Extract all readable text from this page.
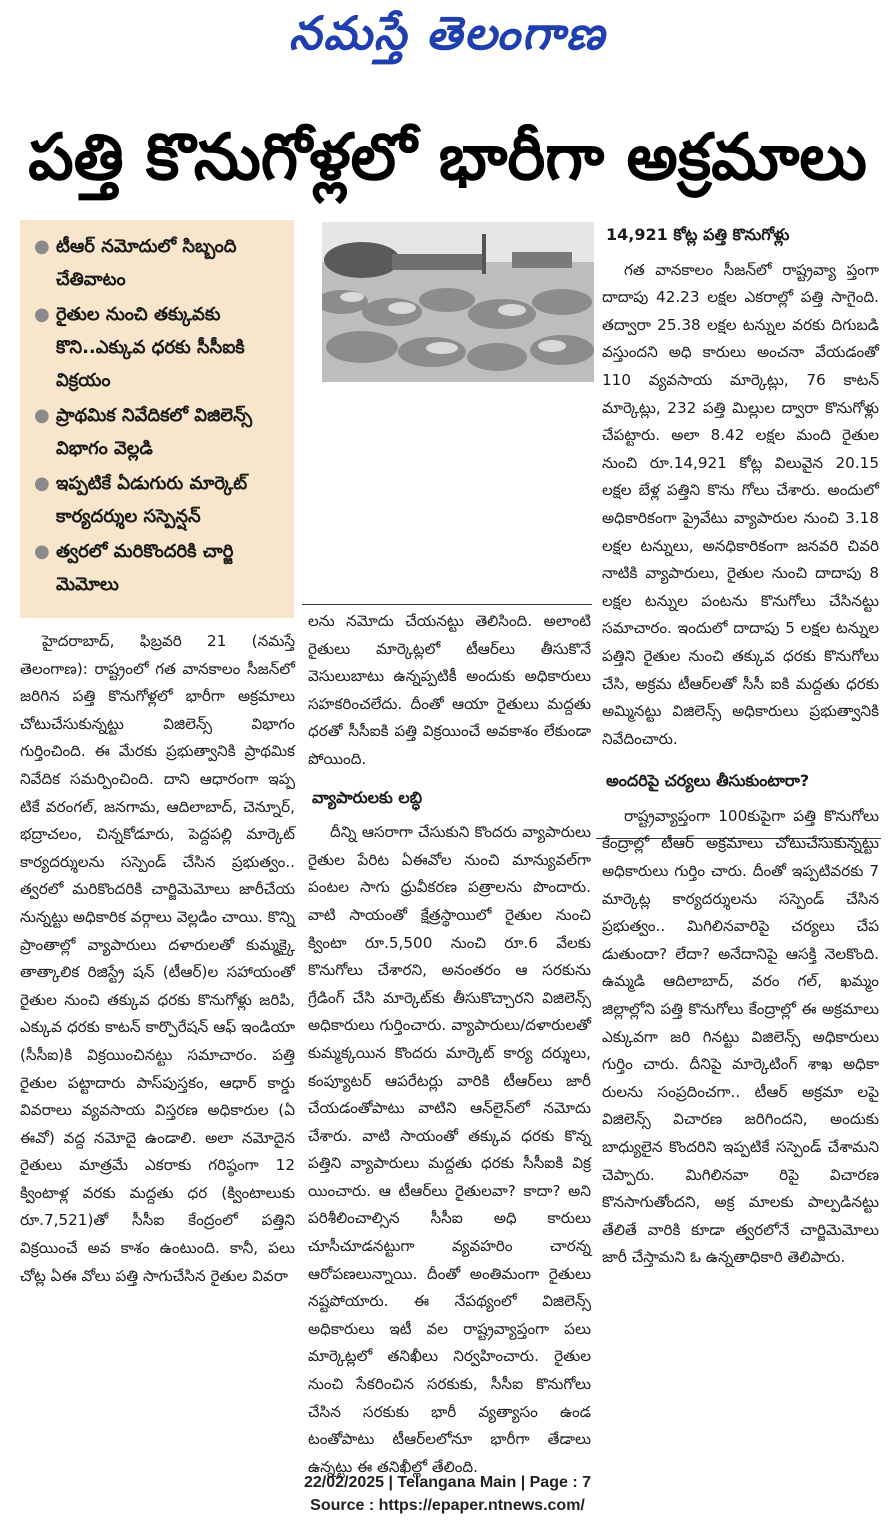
నమస్తే తెలంగాణ
పత్తి కొనుగోళ్లలో భారీగా అక్రమాలు
● టీఆర్ నమోదులో సిబ్బంది చేతివాటం
● రైతుల నుంచి తక్కువకు కొని..ఎక్కువ ధరకు సీసీఐకి విక్రయం
● ప్రాథమిక నివేదికలో విజిలెన్స్ విభాగం వెల్లడి
● ఇప్పటికే ఏడుగురు మార్కెట్ కార్యదర్శుల సస్పెన్షన్
● త్వరలో మరికొందరికి చార్జి మెమోలు

హైదరాబాద్, ఫిబ్రవరి 21 (నమస్తే తెలంగాణ): రాష్ట్రంలో గత వానకాలం సీజన్‌లో జరిగిన పత్తి కొనుగోళ్లలో భారీగా అక్రమాలు చోటుచేసుకున్నట్టు విజిలెన్స్ విభాగం గుర్తించింది. ఈ మేరకు ప్రభుత్వానికి ప్రాథమిక నివేదిక సమర్పించింది. దాని ఆధారంగా ఇప్ప టికే వరంగల్, జనగామ, ఆదిలాబాద్, చెన్నూర్, భద్రాచలం, చిన్నకోడూరు, పెద్దపల్లి మార్కెట్ కార్యదర్శులను సస్పెండ్ చేసిన ప్రభుత్వం.. త్వరలో మరికొందరికి చార్జిమెమోలు జారీచేయ నున్నట్టు అధికారిక వర్గాలు వెల్లడిం చాయి. కొన్ని ప్రాంతాల్లో వ్యాపారులు దళారులతో కుమ్మక్కై తాత్కాలిక రిజిస్ట్రే షన్ (టీఆర్)ల సహాయంతో రైతుల నుంచి తక్కువ ధరకు కొనుగోళ్లు జరిపి, ఎక్కువ ధరకు కాటన్ కార్పొరేషన్ ఆఫ్ ఇండియా (సీసీఐ)కి విక్రయించినట్టు సమాచారం. పత్తి రైతుల పట్టాదారు పాస్‌పుస్తకం, ఆధార్ కార్డు వివరాలు వ్యవసాయ విస్తరణ అధికారుల (ఏ ఈవో) వద్ద నమోదై ఉండాలి. అలా నమోదైన రైతులు మాత్రమే ఎకరాకు గరిష్ఠంగా 12 క్వింటాళ్ల వరకు మద్దతు ధర (క్వింటాలుకు రూ.7,521)తో సీసీఐ కేంద్రంలో పత్తిని విక్రయించే అవ కాశం ఉంటుంది. కానీ, పలు చోట్ల ఏఈ వోలు పత్తి సాగుచేసిన రైతుల వివరా

లను నమోదు చేయనట్టు తెలిసింది. అలాంటి రైతులు మార్కెట్లలో టీఆర్‌లు తీసుకొనే వెసులుబాటు ఉన్నప్పటికీ అందుకు అధికారులు సహకరించలేదు. దీంతో ఆయా రైతులు మద్దతు ధరతో సీసీఐకి పత్తి విక్రయించే అవకాశం లేకుండా పోయింది.

వ్యాపారులకు లబ్ధి

దీన్ని ఆసరాగా చేసుకుని కొందరు వ్యాపారులు రైతుల పేరిట ఏఈవోల నుంచి మాన్యువల్‌గా పంటల సాగు ధ్రువీకరణ పత్రాలను పొందారు. వాటి సాయంతో క్షేత్రస్థాయిలో రైతుల నుంచి క్వింటా రూ.5,500 నుంచి రూ.6 వేలకు కొనుగోలు చేశారని, అనంతరం ఆ సరకును గ్రేడింగ్ చేసి మార్కెట్‌కు తీసుకొచ్చారని విజిలెన్స్ అధికారులు గుర్తించారు. వ్యాపారులు/దళారులతో కుమ్మక్కయిన కొందరు మార్కెట్ కార్య దర్శులు, కంప్యూటర్ ఆపరేటర్లు వారికి టీఆర్‌లు జారీ చేయడంతోపాటు వాటిని ఆన్‌లైన్‌లో నమోదు చేశారు. వాటి సాయంతో తక్కువ ధరకు కొన్న పత్తిని వ్యాపారులు మద్దతు ధరకు సీసీఐకి విక్ర యించారు. ఆ టీఆర్‌లు రైతులవా? కాదా? అని పరిశీలించాల్సిన సీసీఐ అధి కారులు చూసీచూడనట్టుగా వ్యవహరిం చారన్న ఆరోపణలున్నాయి. దీంతో అంతిమంగా రైతులు నష్టపోయారు. ఈ నేపథ్యంలో విజిలెన్స్ అధికారులు ఇటీ వల రాష్ట్రవ్యాప్తంగా పలు మార్కెట్లలో తనిఖీలు నిర్వహించారు. రైతుల నుంచి సేకరించిన సరకుకు, సీసీఐ కొనుగోలు చేసిన సరకుకు భారీ వ్యత్యాసం ఉండ టంతోపాటు టీఆర్‌లలోనూ భారీగా తేడాలు ఉన్నట్టు ఈ తనిఖీల్లో తేలింది.

14,921 కోట్ల పత్తి కొనుగోళ్లు

గత వానకాలం సీజన్‌లో రాష్ట్రవ్యా ప్తంగా దాదాపు 42.23 లక్షల ఎకరాల్లో పత్తి సాగైంది. తద్వారా 25.38 లక్షల టన్నుల వరకు దిగుబడి వస్తుందని అధి కారులు అంచనా వేయడంతో 110 వ్యవసాయ మార్కెట్లు, 76 కాటన్ మార్కెట్లు, 232 పత్తి మిల్లుల ద్వారా కొనుగోళ్లు చేపట్టారు. అలా 8.42 లక్షల మంది రైతుల నుంచి రూ.14,921 కోట్ల విలువైన 20.15 లక్షల బేళ్ల పత్తిని కొను గోలు చేశారు. అందులో అధికారికంగా ప్రైవేటు వ్యాపారుల నుంచి 3.18 లక్షల టన్నులు, అనధికారికంగా జనవరి చివరి నాటికి వ్యాపారులు, రైతుల నుంచి దాదాపు 8 లక్షల టన్నుల పంటను కొనుగోలు చేసినట్టు సమాచారం. ఇందులో దాదాపు 5 లక్షల టన్నుల పత్తిని రైతుల నుంచి తక్కువ ధరకు కొనుగోలు చేసి, అక్రమ టీఆర్‌లతో సీసీ ఐకి మద్దతు ధరకు అమ్మినట్టు విజిలెన్స్ అధికారులు ప్రభుత్వానికి నివేదించారు.

అందరిపై చర్యలు తీసుకుంటారా?

రాష్ట్రవ్యాప్తంగా 100కుపైగా పత్తి కొనుగోలు కేంద్రాల్లో టీఆర్ అక్రమాలు చోటుచేసుకున్నట్టు అధికారులు గుర్తిం చారు. దీంతో ఇప్పటివరకు 7 మార్కెట్ల కార్యదర్శులను సస్పెండ్ చేసిన ప్రభుత్వం.. మిగిలినవారిపై చర్యలు చేప డుతుందా? లేదా? అనేదానిపై ఆసక్తి నెలకొంది. ఉమ్మడి ఆదిలాబాద్, వరం గల్, ఖమ్మం జిల్లాల్లోని పత్తి కొనుగోలు కేంద్రాల్లో ఈ అక్రమాలు ఎక్కువగా జరి గినట్టు విజిలెన్స్ అధికారులు గుర్తిం చారు. దీనిపై మార్కెటింగ్ శాఖ అధికా రులను సంప్రదించగా.. టీఆర్ అక్రమా లపై విజిలెన్స్ విచారణ జరిగిందని, అందుకు బాధ్యులైన కొందరిని ఇప్పటికే సస్పెండ్ చేశామని చెప్పారు. మిగిలినవా రిపై విచారణ కొనసాగుతోందని, అక్ర మాలకు పాల్పడినట్టు తేలితే వారికి కూడా త్వరలోనే చార్జిమెమోలు జారీ చేస్తామని ఓ ఉన్నతాధికారి తెలిపారు.

22/02/2025 | Telangana Main | Page : 7
Source : https://epaper.ntnews.com/
